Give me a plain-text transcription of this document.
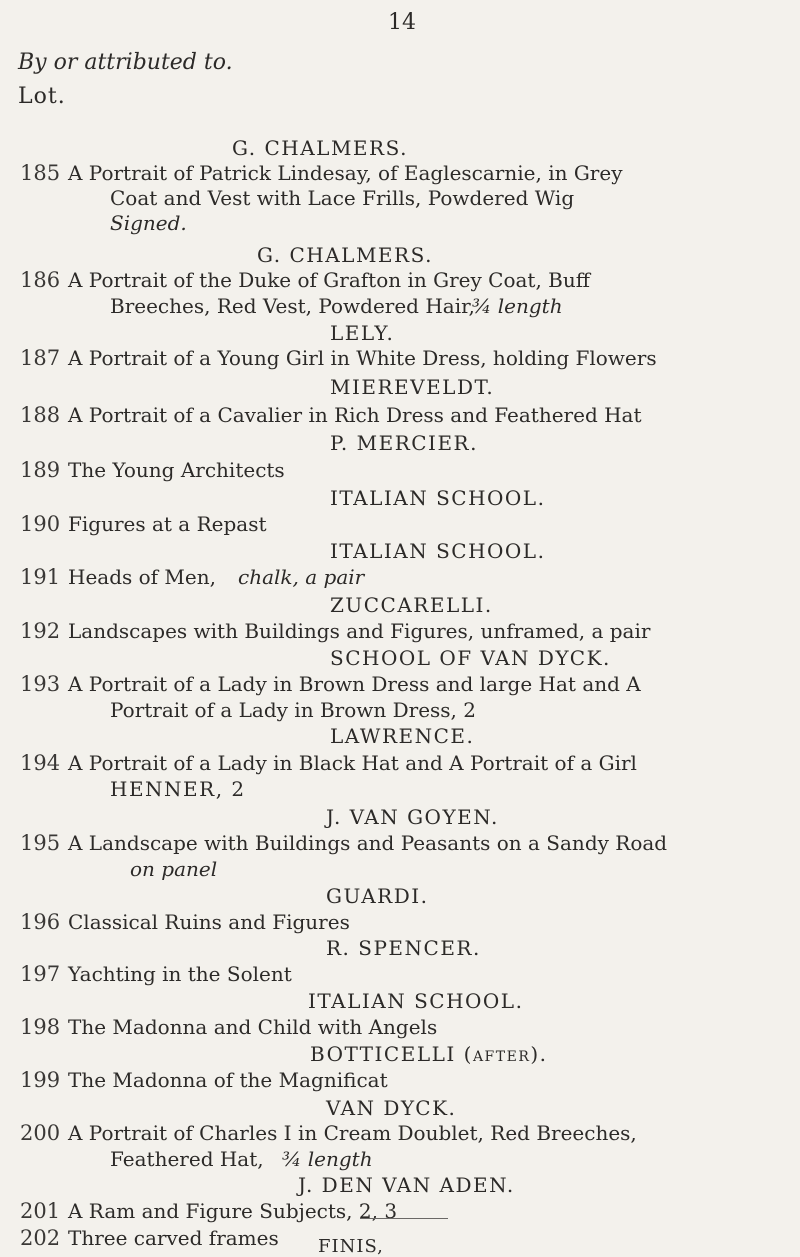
14
By or attributed to.
Lot.
G. CHALMERS.
185 A Portrait of Patrick Lindesay, of Eaglescarnie, in Grey
Coat and Vest with Lace Frills, Powdered Wig
Signed.
G. CHALMERS.
186 A Portrait of the Duke of Grafton in Grey Coat, Buff
Breeches, Red Vest, Powdered Hair,
¾ length
LELY.
187 A Portrait of a Young Girl in White Dress, holding Flowers
MIEREVELDT.
188 A Portrait of a Cavalier in Rich Dress and Feathered Hat
P. MERCIER.
189 The Young Architects
ITALIAN SCHOOL.
190 Figures at a Repast
ITALIAN SCHOOL.
191 Heads of Men, chalk, a pair
ZUCCARELLI.
192 Landscapes with Buildings and Figures, unframed, a pair
SCHOOL OF VAN DYCK.
193 A Portrait of a Lady in Brown Dress and large Hat and A
Portrait of a Lady in Brown Dress, 2
LAWRENCE.
194 A Portrait of a Lady in Black Hat and A Portrait of a Girl
HENNER, 2
195 A Landscape with Buildings and Peasants on a Sandy Road
on panel
J. VAN GOYEN.
GUARDI.
196 Classical Ruins and Figures
R. SPENCER.
197 Yachting in the Solent
ITALIAN SCHOOL.
198 The Madonna and Child with Angels
BOTTICELLI (after).
199 The Madonna of the Magnificat
VAN DYCK.
200 A Portrait of Charles I in Cream Doublet, Red Breeches,
Feathered Hat, ¾ length
J. DEN VAN ADEN.
201 A Ram and Figure Subjects, 2, 3
202 Three carved frames FINIS,
